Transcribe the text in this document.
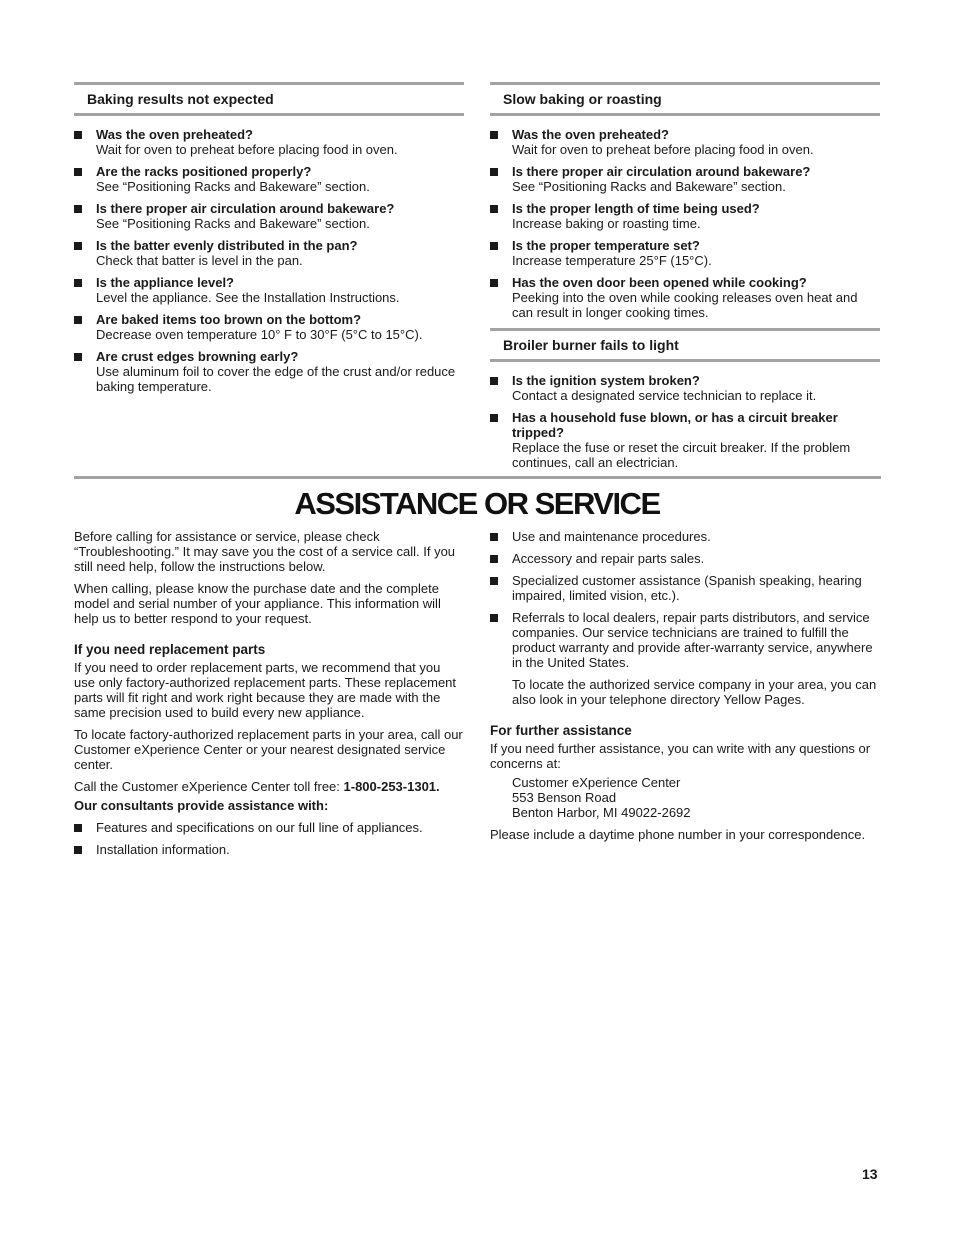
Baking results not expected
Was the oven preheated?
Wait for oven to preheat before placing food in oven.
Are the racks positioned properly?
See “Positioning Racks and Bakeware” section.
Is there proper air circulation around bakeware?
See “Positioning Racks and Bakeware” section.
Is the batter evenly distributed in the pan?
Check that batter is level in the pan.
Is the appliance level?
Level the appliance. See the Installation Instructions.
Are baked items too brown on the bottom?
Decrease oven temperature 10° F to 30°F (5°C to 15°C).
Are crust edges browning early?
Use aluminum foil to cover the edge of the crust and/or reduce baking temperature.
Slow baking or roasting
Was the oven preheated?
Wait for oven to preheat before placing food in oven.
Is there proper air circulation around bakeware?
See “Positioning Racks and Bakeware” section.
Is the proper length of time being used?
Increase baking or roasting time.
Is the proper temperature set?
Increase temperature 25°F (15°C).
Has the oven door been opened while cooking?
Peeking into the oven while cooking releases oven heat and can result in longer cooking times.
Broiler burner fails to light
Is the ignition system broken?
Contact a designated service technician to replace it.
Has a household fuse blown, or has a circuit breaker tripped?
Replace the fuse or reset the circuit breaker. If the problem continues, call an electrician.
ASSISTANCE OR SERVICE

Before calling for assistance or service, please check “Troubleshooting.” It may save you the cost of a service call. If you still need help, follow the instructions below.

When calling, please know the purchase date and the complete model and serial number of your appliance. This information will help us to better respond to your request.

If you need replacement parts

If you need to order replacement parts, we recommend that you use only factory-authorized replacement parts. These replacement parts will fit right and work right because they are made with the same precision used to build every new appliance.

To locate factory-authorized replacement parts in your area, call our Customer eXperience Center or your nearest designated service center.

Call the Customer eXperience Center toll free: 1-800-253-1301.

Our consultants provide assistance with:

Features and specifications on our full line of appliances.
Installation information.
Use and maintenance procedures.
Accessory and repair parts sales.
Specialized customer assistance (Spanish speaking, hearing impaired, limited vision, etc.).
Referrals to local dealers, repair parts distributors, and service companies. Our service technicians are trained to fulfill the product warranty and provide after-warranty service, anywhere in the United States.

To locate the authorized service company in your area, you can also look in your telephone directory Yellow Pages.

For further assistance

If you need further assistance, you can write with any questions or concerns at:

Customer eXperience Center
553 Benson Road
Benton Harbor, MI 49022-2692

Please include a daytime phone number in your correspondence.

13
